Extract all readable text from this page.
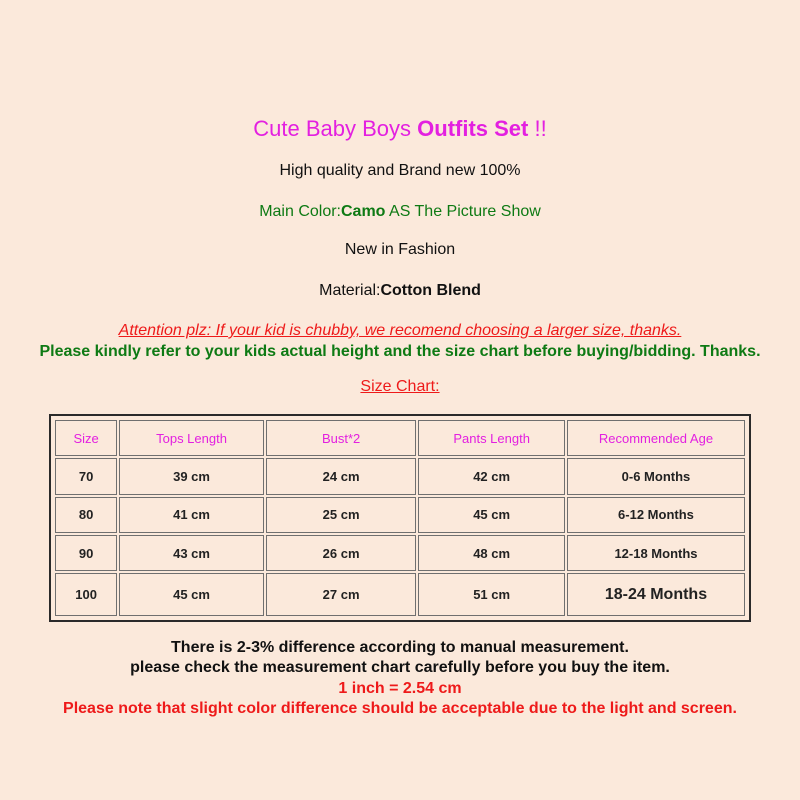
Cute Baby Boys Outfits Set !!
High quality and Brand new 100%
Main Color:Camo AS The Picture Show
New in Fashion
Material:Cotton Blend
Attention plz: If your kid is chubby, we recomend choosing a larger size, thanks.
Please kindly refer to your kids actual height and the size chart before buying/bidding. Thanks.
Size Chart:
Size	Tops Length	Bust*2	Pants Length	Recommended Age
70	39 cm	24 cm	42 cm	0-6 Months
80	41 cm	25 cm	45 cm	6-12 Months
90	43 cm	26 cm	48 cm	12-18 Months
100	45 cm	27 cm	51 cm	18-24 Months
There is 2-3% difference according to manual measurement.
please check the measurement chart carefully before you buy the item.
1 inch = 2.54 cm
Please note that slight color difference should be acceptable due to the light and screen.
